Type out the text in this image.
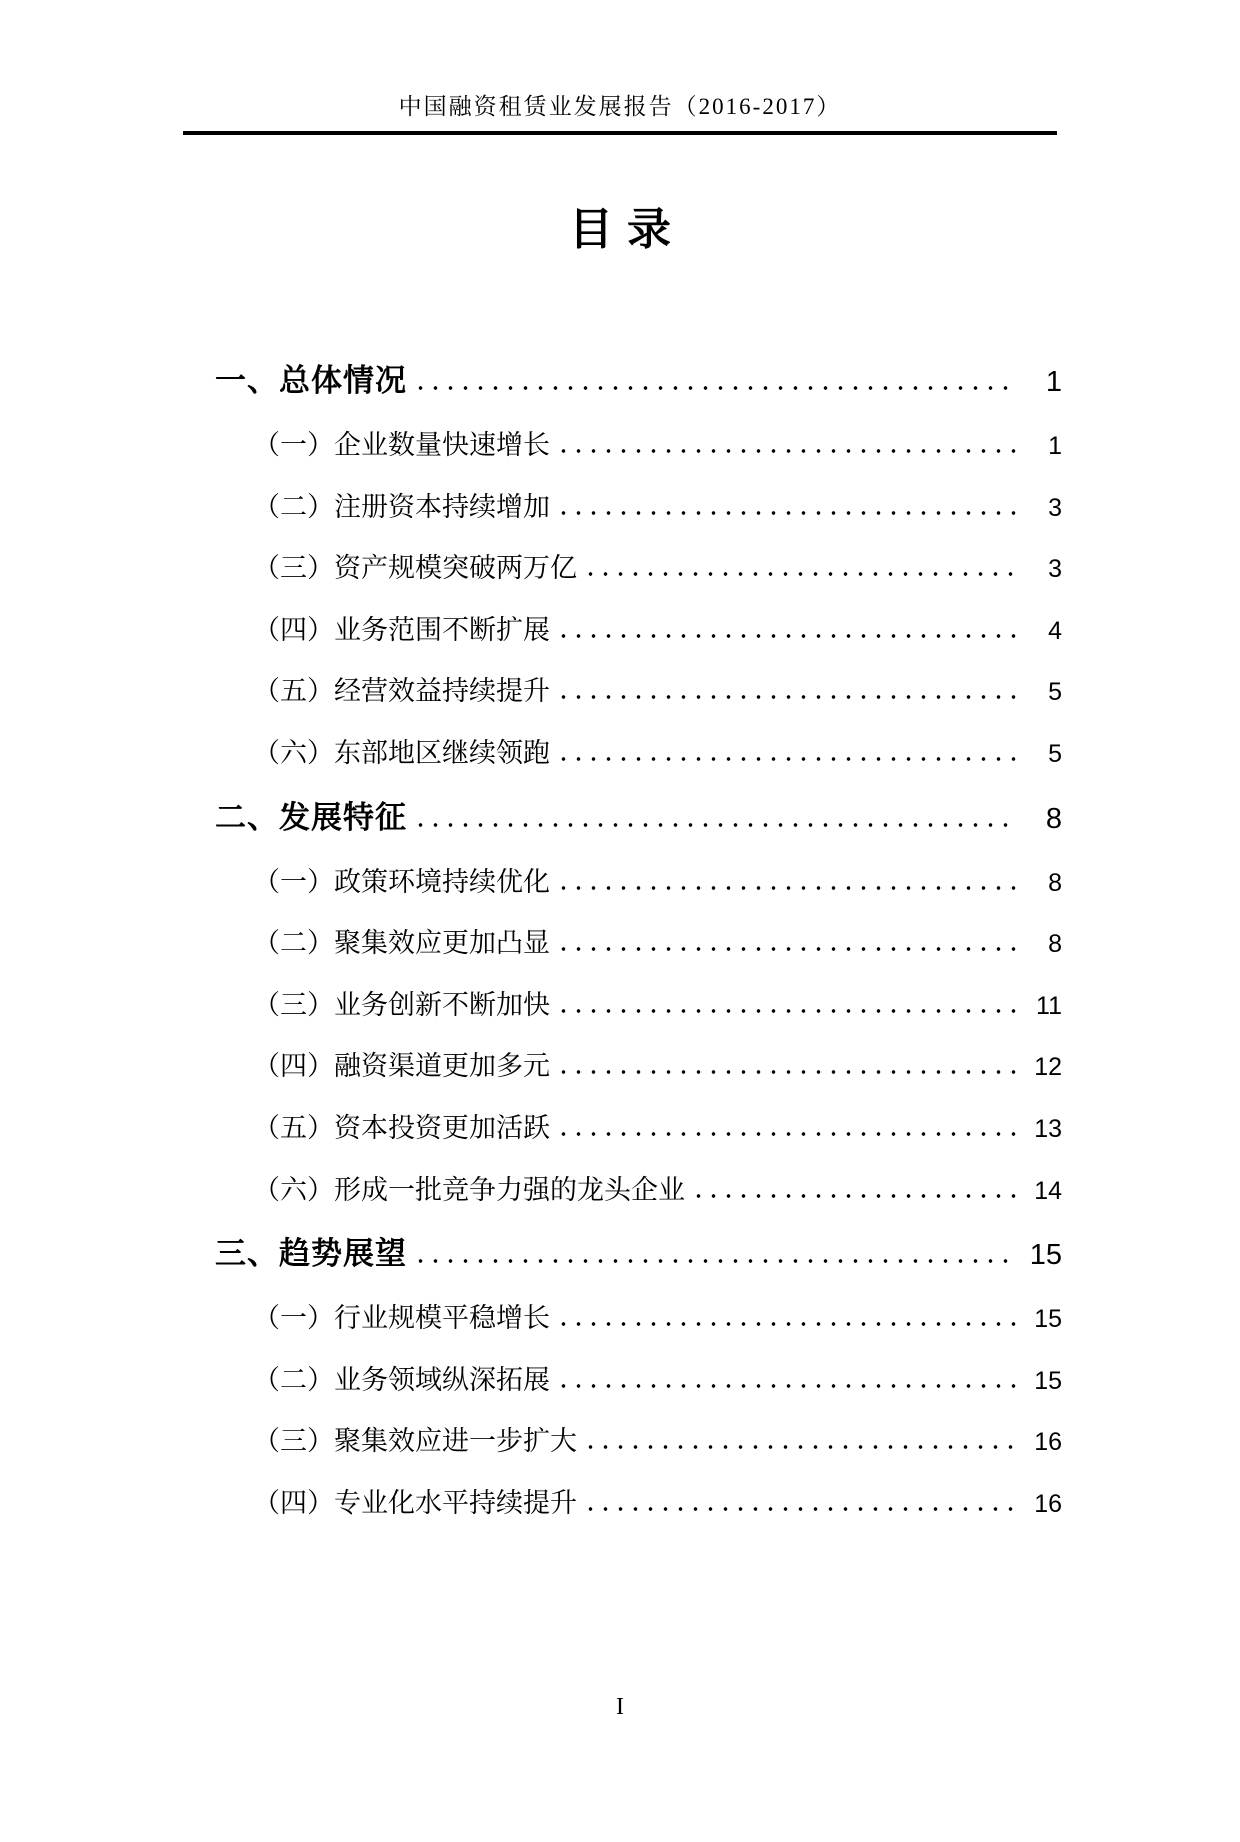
中国融资租赁业发展报告（2016-2017）
目录
一、总体情况	1
（一）企业数量快速增长	1
（二）注册资本持续增加	3
（三）资产规模突破两万亿	3
（四）业务范围不断扩展	4
（五）经营效益持续提升	5
（六）东部地区继续领跑	5
二、发展特征	8
（一）政策环境持续优化	8
（二）聚集效应更加凸显	8
（三）业务创新不断加快	11
（四）融资渠道更加多元	12
（五）资本投资更加活跃	13
（六）形成一批竞争力强的龙头企业	14
三、趋势展望	15
（一）行业规模平稳增长	15
（二）业务领域纵深拓展	15
（三）聚集效应进一步扩大	16
（四）专业化水平持续提升	16
I
